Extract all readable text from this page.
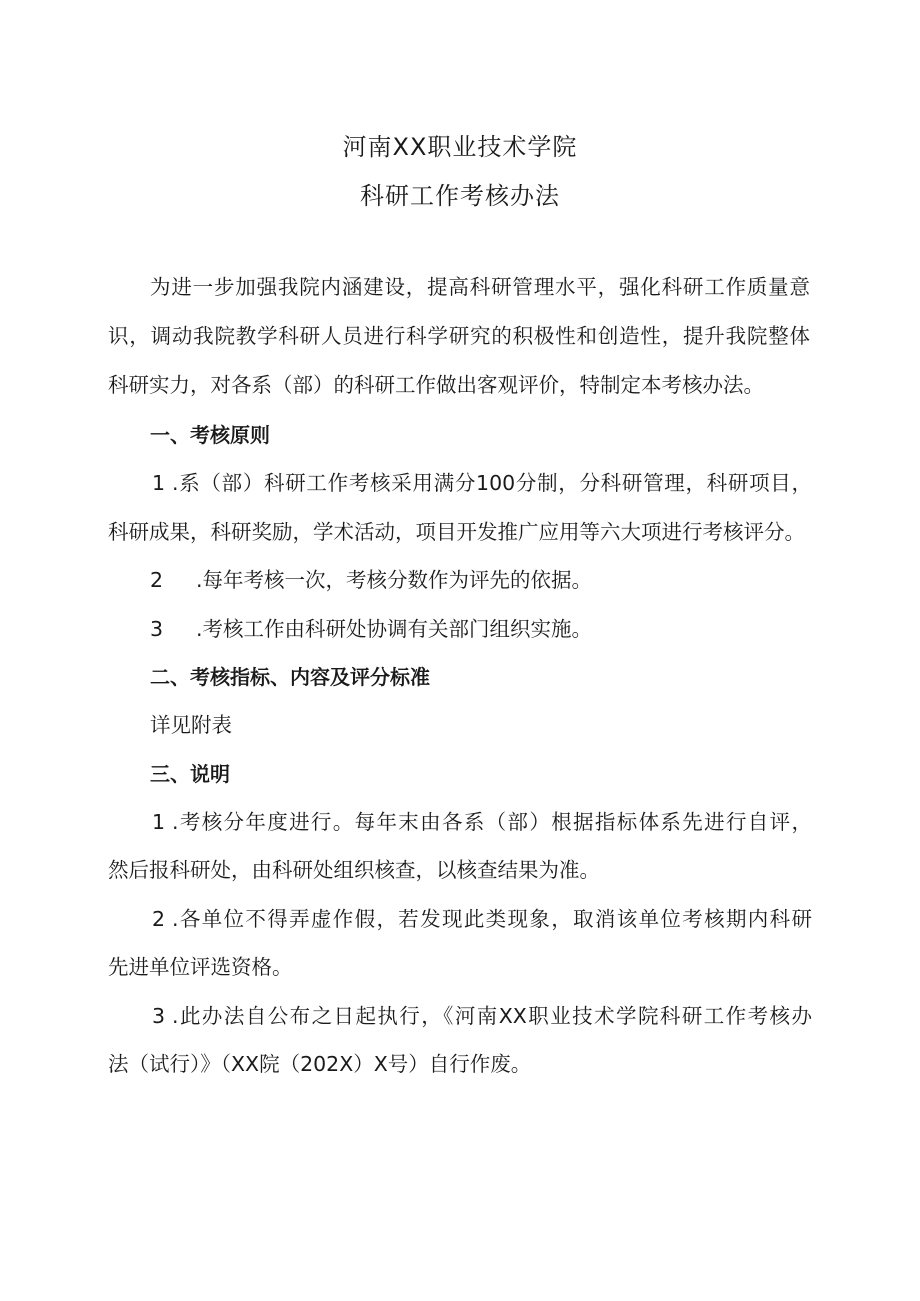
河南XX职业技术学院
科研工作考核办法
为进一步加强我院内涵建设，提高科研管理水平，强化科研工作质量意
识，调动我院教学科研人员进行科学研究的积极性和创造性，提升我院整体
科研实力，对各系（部）的科研工作做出客观评价，特制定本考核办法。
一、考核原则
1 .系（部）科研工作考核采用满分100分制，分科研管理，科研项目，
科研成果，科研奖励，学术活动，项目开发推广应用等六大项进行考核评分。
2 .每年考核一次，考核分数作为评先的依据。
3 .考核工作由科研处协调有关部门组织实施。
二、考核指标、内容及评分标准
详见附表
三、说明
1 .考核分年度进行。每年末由各系（部）根据指标体系先进行自评，
然后报科研处，由科研处组织核查，以核查结果为准。
2 .各单位不得弄虚作假，若发现此类现象，取消该单位考核期内科研
先进单位评选资格。
3 .此办法自公布之日起执行，《河南XX职业技术学院科研工作考核办
法（试行）》（XX院（202X）X号）自行作废。
